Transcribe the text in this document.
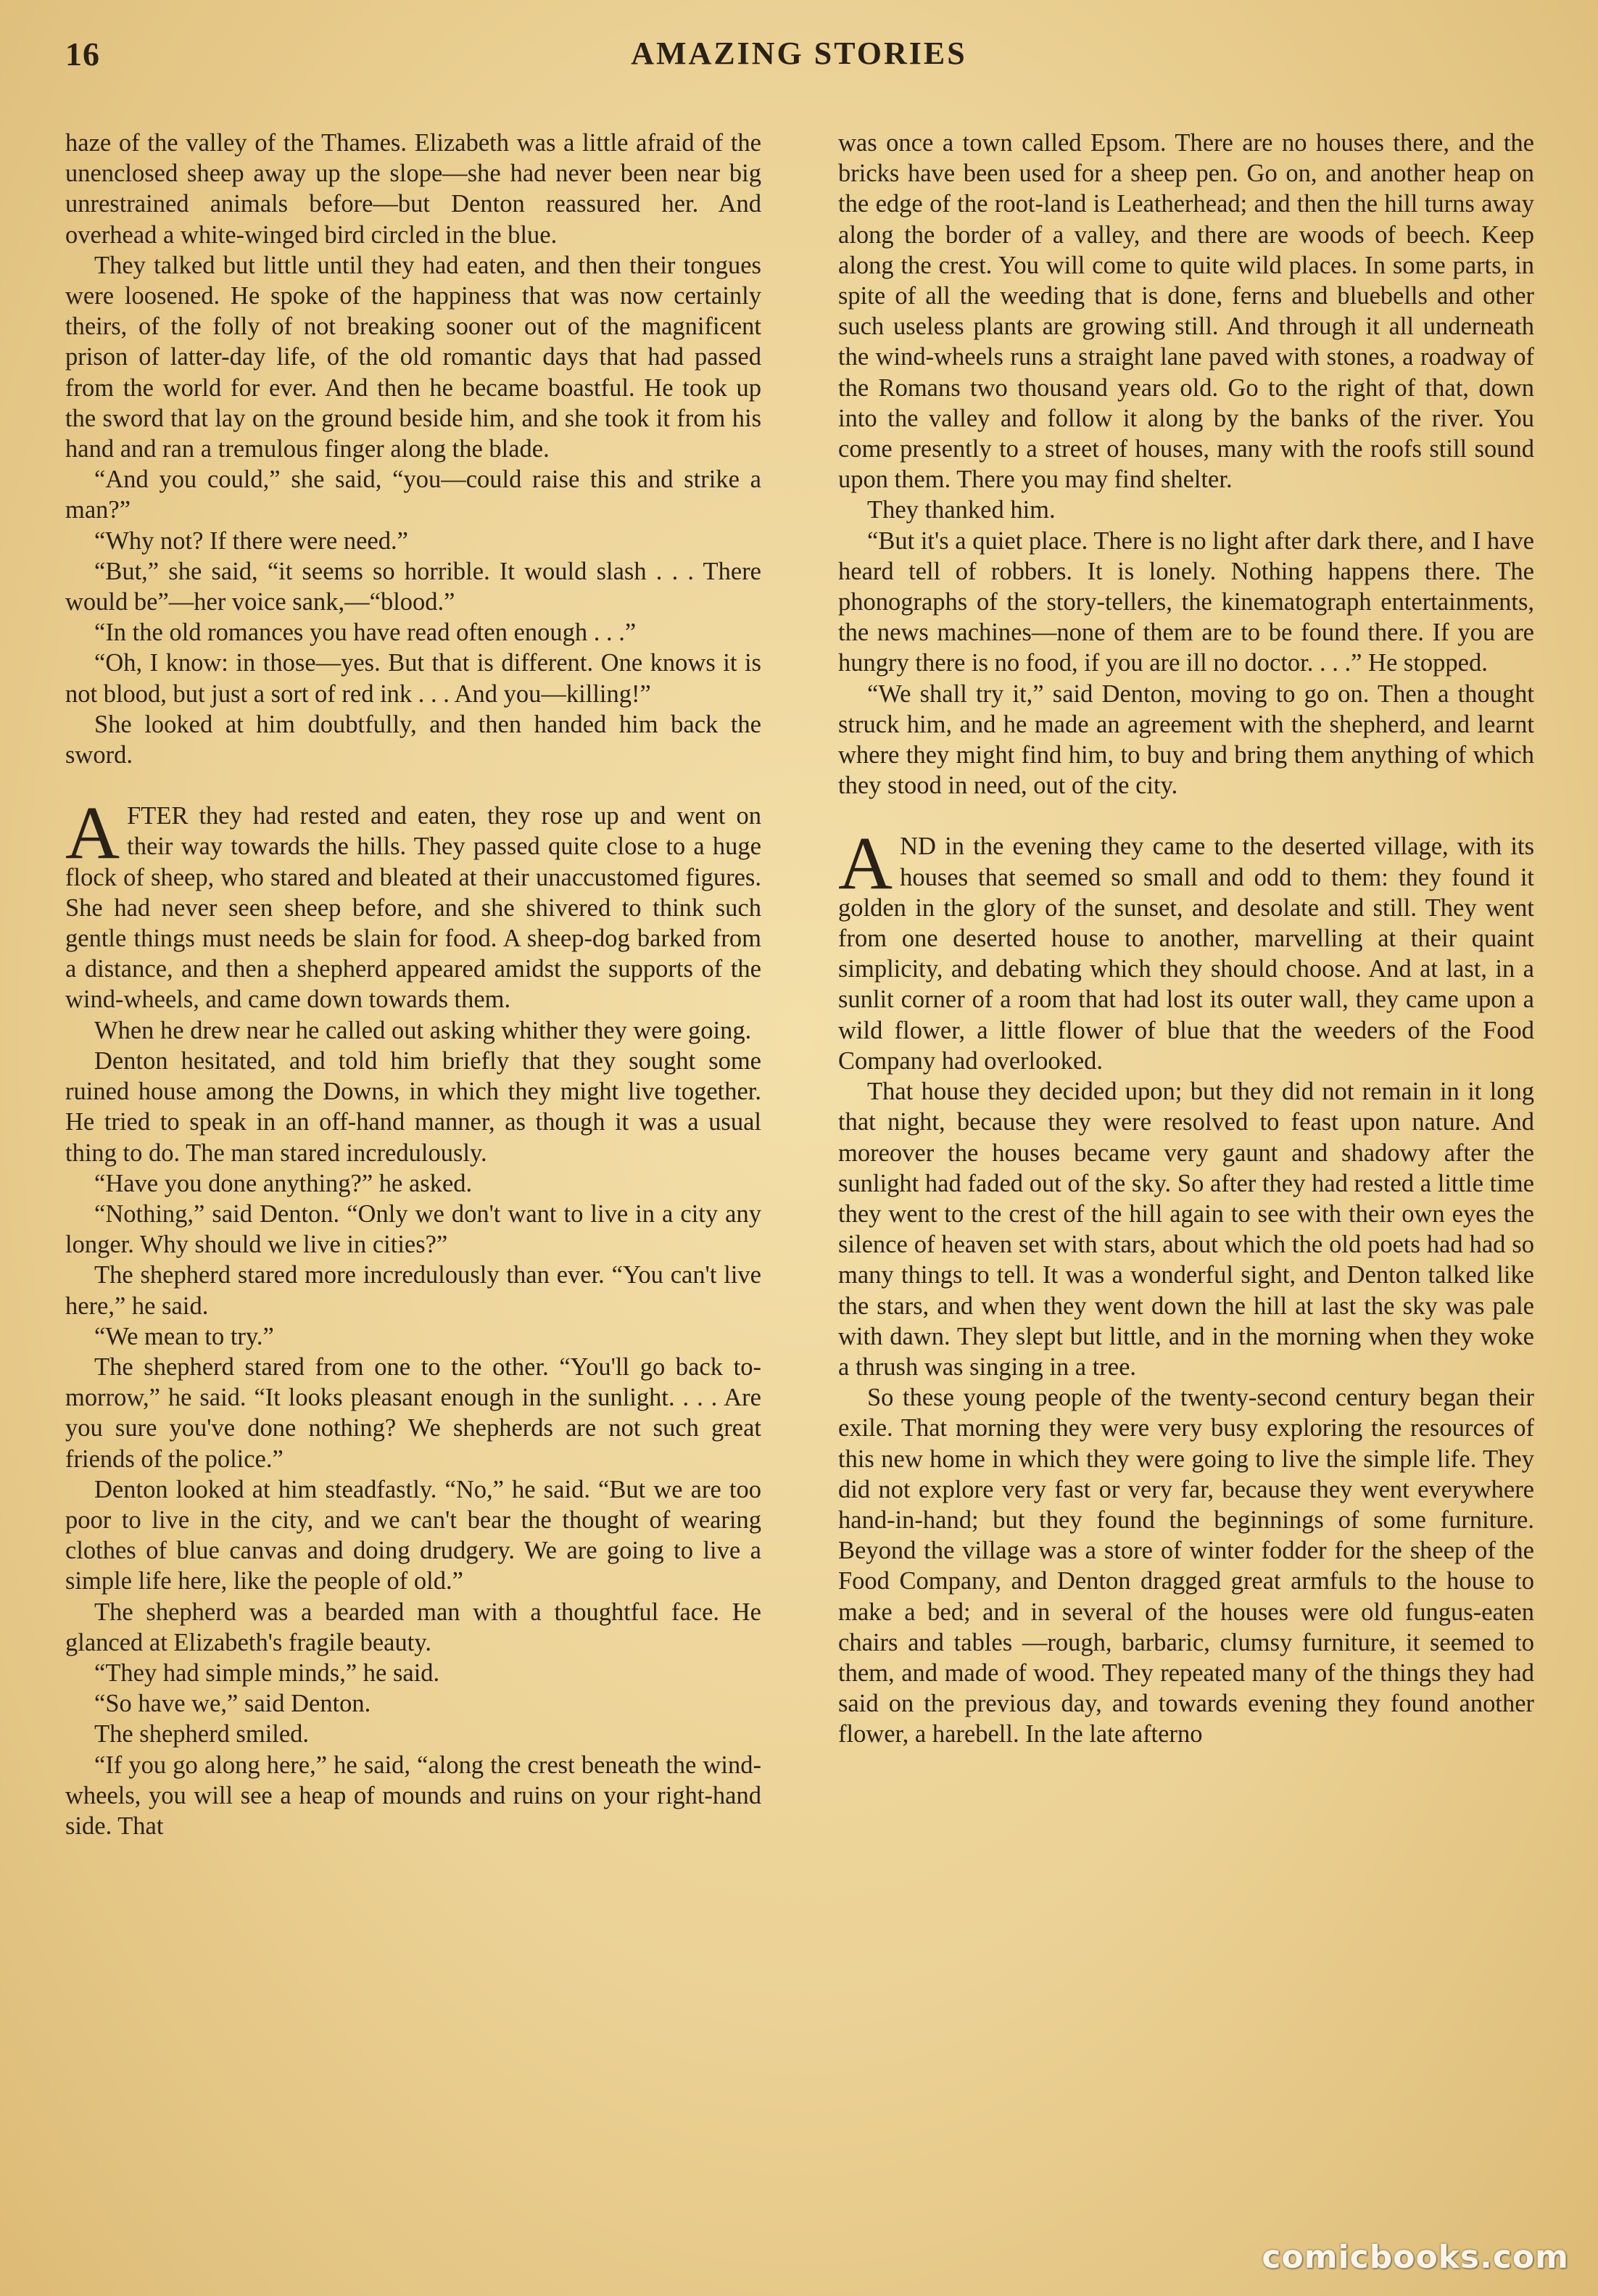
16	AMAZING STORIES

haze of the valley of the Thames. Elizabeth was a little afraid of the unenclosed sheep away up the slope—she had never been near big unrestrained animals before—but Denton reassured her. And overhead a white-winged bird circled in the blue.

They talked but little until they had eaten, and then their tongues were loosened. He spoke of the happiness that was now certainly theirs, of the folly of not breaking sooner out of the magnificent prison of latter-day life, of the old romantic days that had passed from the world for ever. And then he became boastful. He took up the sword that lay on the ground beside him, and she took it from his hand and ran a tremulous finger along the blade.

“And you could,” she said, “you—could raise this and strike a man?”

“Why not? If there were need.”

“But,” she said, “it seems so horrible. It would slash . . . There would be”—her voice sank,—“blood.”

“In the old romances you have read often enough . . .”

“Oh, I know: in those—yes. But that is different. One knows it is not blood, but just a sort of red ink . . . And you—killing!”

She looked at him doubtfully, and then handed him back the sword.

AFTER they had rested and eaten, they rose up and went on their way towards the hills. They passed quite close to a huge flock of sheep, who stared and bleated at their unaccustomed figures. She had never seen sheep before, and she shivered to think such gentle things must needs be slain for food. A sheep-dog barked from a distance, and then a shepherd appeared amidst the supports of the wind-wheels, and came down towards them.

When he drew near he called out asking whither they were going.

Denton hesitated, and told him briefly that they sought some ruined house among the Downs, in which they might live together. He tried to speak in an off-hand manner, as though it was a usual thing to do. The man stared incredulously.

“Have you done anything?” he asked.

“Nothing,” said Denton. “Only we don't want to live in a city any longer. Why should we live in cities?”

The shepherd stared more incredulously than ever. “You can't live here,” he said.

“We mean to try.”

The shepherd stared from one to the other. “You'll go back to-morrow,” he said. “It looks pleasant enough in the sunlight. . . . Are you sure you've done nothing? We shepherds are not such great friends of the police.”

Denton looked at him steadfastly. “No,” he said. “But we are too poor to live in the city, and we can't bear the thought of wearing clothes of blue canvas and doing drudgery. We are going to live a simple life here, like the people of old.”

The shepherd was a bearded man with a thoughtful face. He glanced at Elizabeth's fragile beauty.

“They had simple minds,” he said.

“So have we,” said Denton.

The shepherd smiled.

“If you go along here,” he said, “along the crest beneath the wind-wheels, you will see a heap of mounds and ruins on your right-hand side. That

was once a town called Epsom. There are no houses there, and the bricks have been used for a sheep pen. Go on, and another heap on the edge of the root-land is Leatherhead; and then the hill turns away along the border of a valley, and there are woods of beech. Keep along the crest. You will come to quite wild places. In some parts, in spite of all the weeding that is done, ferns and bluebells and other such useless plants are growing still. And through it all underneath the wind-wheels runs a straight lane paved with stones, a roadway of the Romans two thousand years old. Go to the right of that, down into the valley and follow it along by the banks of the river. You come presently to a street of houses, many with the roofs still sound upon them. There you may find shelter.

They thanked him.

“But it's a quiet place. There is no light after dark there, and I have heard tell of robbers. It is lonely. Nothing happens there. The phonographs of the story-tellers, the kinematograph entertainments, the news machines—none of them are to be found there. If you are hungry there is no food, if you are ill no doctor. . . .” He stopped.

“We shall try it,” said Denton, moving to go on. Then a thought struck him, and he made an agreement with the shepherd, and learnt where they might find him, to buy and bring them anything of which they stood in need, out of the city.

AND in the evening they came to the deserted village, with its houses that seemed so small and odd to them: they found it golden in the glory of the sunset, and desolate and still. They went from one deserted house to another, marvelling at their quaint simplicity, and debating which they should choose. And at last, in a sunlit corner of a room that had lost its outer wall, they came upon a wild flower, a little flower of blue that the weeders of the Food Company had overlooked.

That house they decided upon; but they did not remain in it long that night, because they were resolved to feast upon nature. And moreover the houses became very gaunt and shadowy after the sunlight had faded out of the sky. So after they had rested a little time they went to the crest of the hill again to see with their own eyes the silence of heaven set with stars, about which the old poets had had so many things to tell. It was a wonderful sight, and Denton talked like the stars, and when they went down the hill at last the sky was pale with dawn. They slept but little, and in the morning when they woke a thrush was singing in a tree.

So these young people of the twenty-second century began their exile. That morning they were very busy exploring the resources of this new home in which they were going to live the simple life. They did not explore very fast or very far, because they went everywhere hand-in-hand; but they found the beginnings of some furniture. Beyond the village was a store of winter fodder for the sheep of the Food Company, and Denton dragged great armfuls to the house to make a bed; and in several of the houses were old fungus-eaten chairs and tables —rough, barbaric, clumsy furniture, it seemed to them, and made of wood. They repeated many of the things they had said on the previous day, and towards evening they found another flower, a harebell. In the late afterno

comicbooks.com
